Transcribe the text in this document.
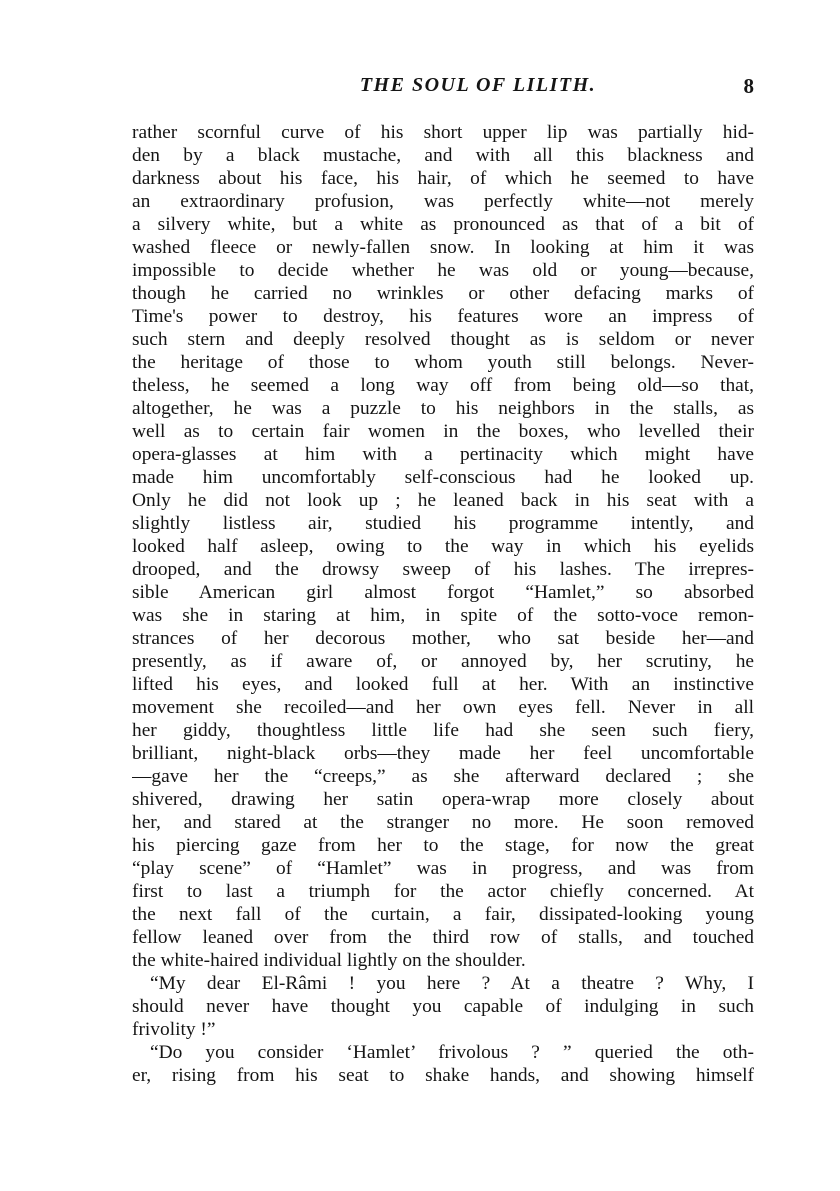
THE SOUL OF LILITH.	8
rather scornful curve of his short upper lip was partially hid-
den by a black mustache, and with all this blackness and
darkness about his face, his hair, of which he seemed to have
an extraordinary profusion, was perfectly white—not merely
a silvery white, but a white as pronounced as that of a bit of
washed fleece or newly-fallen snow. In looking at him it was
impossible to decide whether he was old or young—because,
though he carried no wrinkles or other defacing marks of
Time's power to destroy, his features wore an impress of
such stern and deeply resolved thought as is seldom or never
the heritage of those to whom youth still belongs. Never-
theless, he seemed a long way off from being old—so that,
altogether, he was a puzzle to his neighbors in the stalls, as
well as to certain fair women in the boxes, who levelled their
opera-glasses at him with a pertinacity which might have
made him uncomfortably self-conscious had he looked up.
Only he did not look up ; he leaned back in his seat with a
slightly listless air, studied his programme intently, and
looked half asleep, owing to the way in which his eyelids
drooped, and the drowsy sweep of his lashes. The irrepres-
sible American girl almost forgot “Hamlet,” so absorbed
was she in staring at him, in spite of the sotto-voce remon-
strances of her decorous mother, who sat beside her—and
presently, as if aware of, or annoyed by, her scrutiny, he
lifted his eyes, and looked full at her. With an instinctive
movement she recoiled—and her own eyes fell. Never in all
her giddy, thoughtless little life had she seen such fiery,
brilliant, night-black orbs—they made her feel uncomfortable
—gave her the “creeps,” as she afterward declared ; she
shivered, drawing her satin opera-wrap more closely about
her, and stared at the stranger no more. He soon removed
his piercing gaze from her to the stage, for now the great
“play scene” of “Hamlet” was in progress, and was from
first to last a triumph for the actor chiefly concerned. At
the next fall of the curtain, a fair, dissipated-looking young
fellow leaned over from the third row of stalls, and touched
the white-haired individual lightly on the shoulder.
“My dear El-Râmi ! you here ? At a theatre ? Why, I
should never have thought you capable of indulging in such
frivolity !”
“Do you consider ‘Hamlet’ frivolous ? ” queried the oth-
er, rising from his seat to shake hands, and showing himself
